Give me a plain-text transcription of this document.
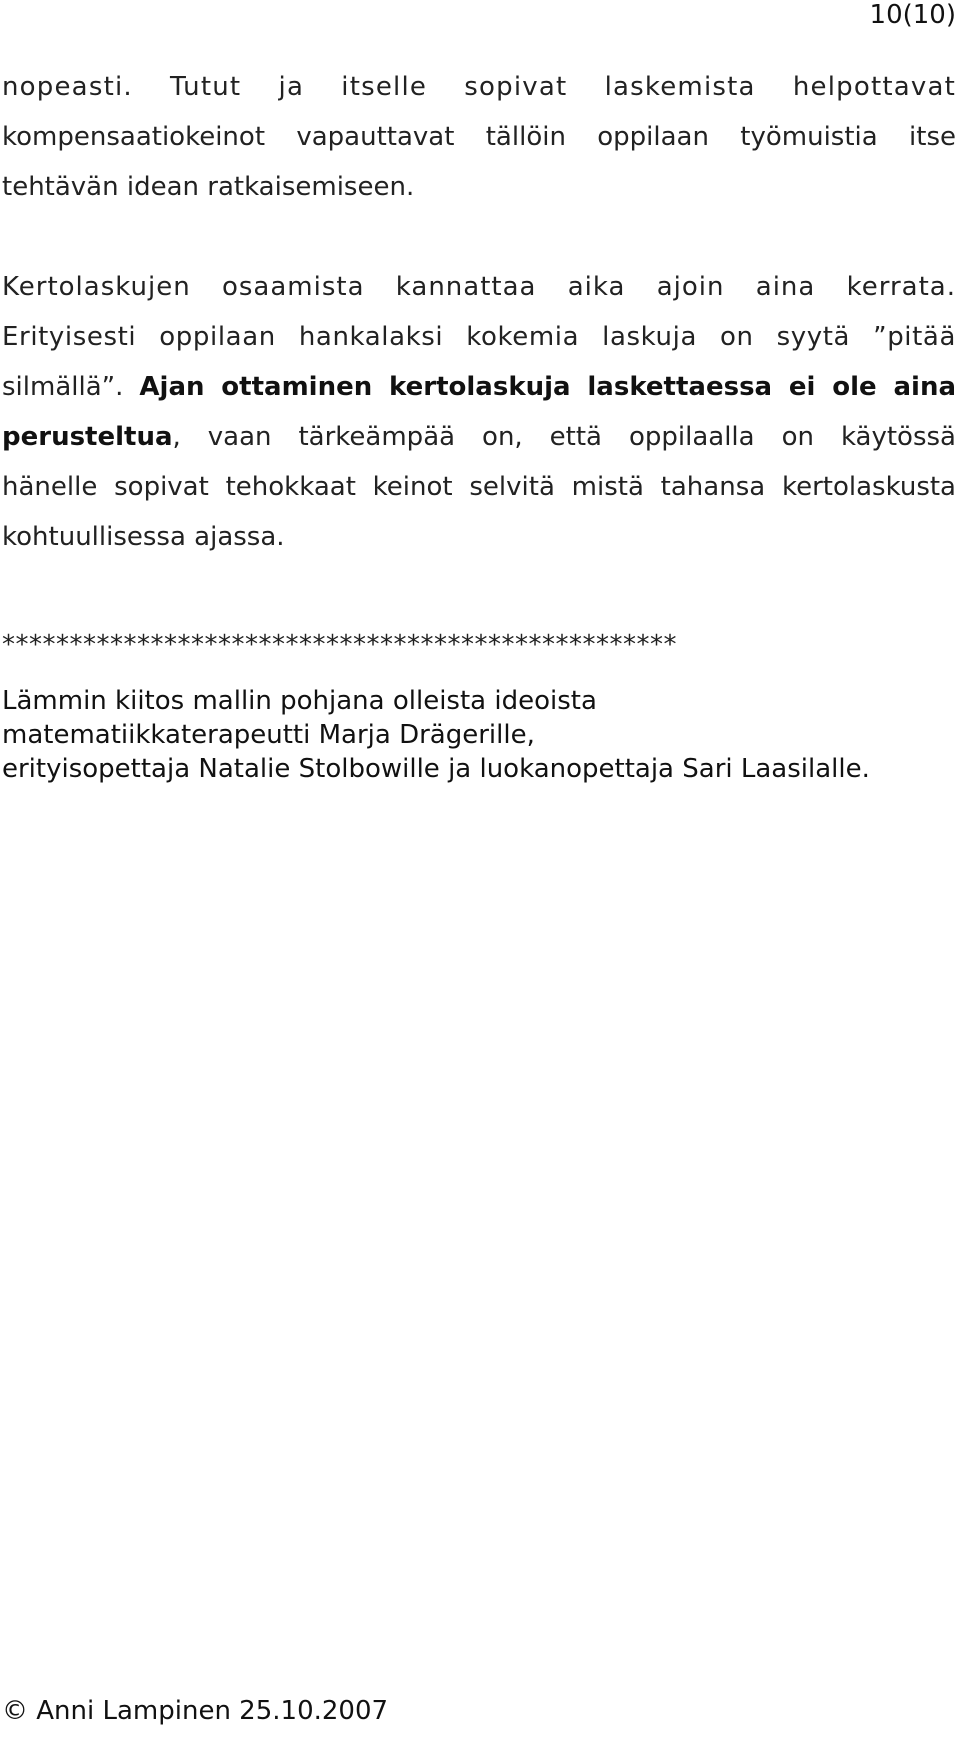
10(10)
nopeasti. Tutut ja itselle sopivat laskemista helpottavat
kompensaatiokeinot vapauttavat tällöin oppilaan työmuistia itse
tehtävän idean ratkaisemiseen.
Kertolaskujen osaamista kannattaa aika ajoin aina kerrata.
Erityisesti oppilaan hankalaksi kokemia laskuja on syytä ”pitää
silmällä”. Ajan ottaminen kertolaskuja laskettaessa ei ole aina
perusteltua, vaan tärkeämpää on, että oppilaalla on käytössä
hänelle sopivat tehokkaat keinot selvitä mistä tahansa kertolaskusta
kohtuullisessa ajassa.
**************************************************
Lämmin kiitos mallin pohjana olleista ideoista
matematiikkaterapeutti Marja Drägerille,
erityisopettaja Natalie Stolbowille ja luokanopettaja Sari Laasilalle.
© Anni Lampinen 25.10.2007
